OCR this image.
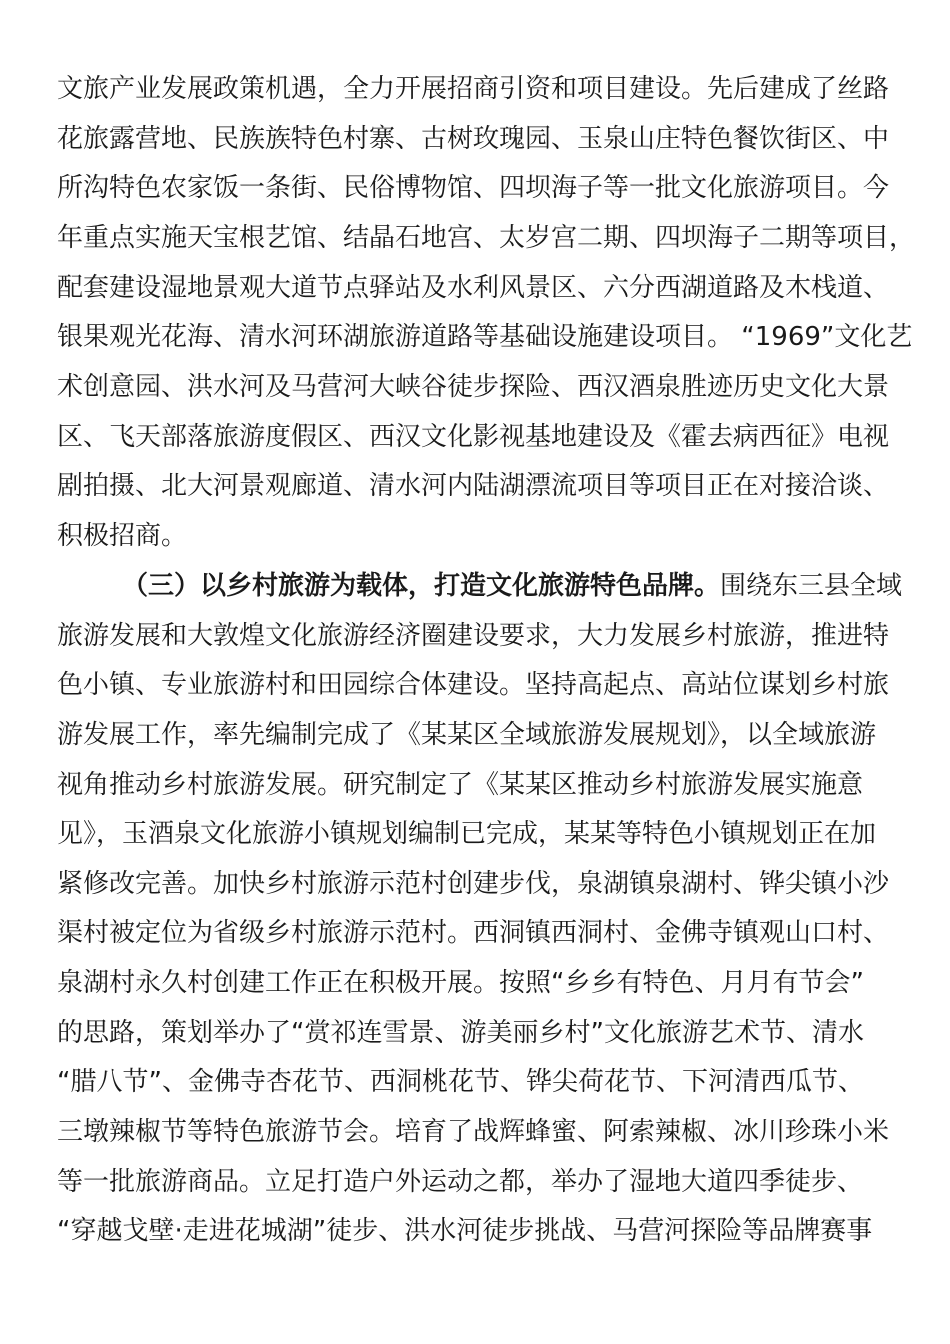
文旅产业发展政策机遇，全力开展招商引资和项目建设。先后建成了丝路
花旅露营地、民族族特色村寨、古树玫瑰园、玉泉山庄特色餐饮街区、中
所沟特色农家饭一条街、民俗博物馆、四坝海子等一批文化旅游项目。今
年重点实施天宝根艺馆、结晶石地宫、太岁宫二期、四坝海子二期等项目，
配套建设湿地景观大道节点驿站及水利风景区、六分西湖道路及木栈道、
银果观光花海、清水河环湖旅游道路等基础设施建设项目。 “1969”文化艺
术创意园、洪水河及马营河大峡谷徒步探险、西汉酒泉胜迹历史文化大景
区、飞天部落旅游度假区、西汉文化影视基地建设及《霍去病西征》电视
剧拍摄、北大河景观廊道、清水河内陆湖漂流项目等项目正在对接洽谈、
积极招商。
（三）以乡村旅游为载体，打造文化旅游特色品牌。围绕东三县全域
旅游发展和大敦煌文化旅游经济圈建设要求，大力发展乡村旅游，推进特
色小镇、专业旅游村和田园综合体建设。坚持高起点、高站位谋划乡村旅
游发展工作，率先编制完成了《某某区全域旅游发展规划》，以全域旅游
视角推动乡村旅游发展。研究制定了《某某区推动乡村旅游发展实施意
见》，玉酒泉文化旅游小镇规划编制已完成，某某等特色小镇规划正在加
紧修改完善。加快乡村旅游示范村创建步伐，泉湖镇泉湖村、铧尖镇小沙
渠村被定位为省级乡村旅游示范村。西洞镇西洞村、金佛寺镇观山口村、
泉湖村永久村创建工作正在积极开展。按照“乡乡有特色、月月有节会”
的思路，策划举办了“赏祁连雪景、游美丽乡村”文化旅游艺术节、清水
“腊八节”、金佛寺杏花节、西洞桃花节、铧尖荷花节、下河清西瓜节、
三墩辣椒节等特色旅游节会。培育了战辉蜂蜜、阿索辣椒、冰川珍珠小米
等一批旅游商品。立足打造户外运动之都，举办了湿地大道四季徒步、
“穿越戈壁·走进花城湖”徒步、洪水河徒步挑战、马营河探险等品牌赛事
